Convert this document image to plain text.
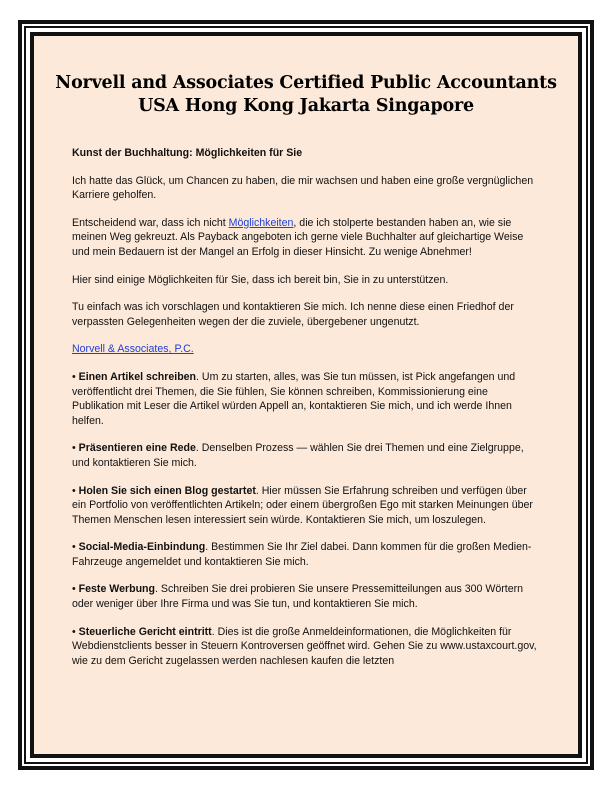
Norvell and Associates Certified Public Accountants
USA Hong Kong Jakarta Singapore

Kunst der Buchhaltung: Möglichkeiten für Sie

Ich hatte das Glück, um Chancen zu haben, die mir wachsen und haben eine große vergnüglichen Karriere geholfen.

Entscheidend war, dass ich nicht Möglichkeiten, die ich stolperte bestanden haben an, wie sie meinen Weg gekreuzt. Als Payback angeboten ich gerne viele Buchhalter auf gleichartige Weise und mein Bedauern ist der Mangel an Erfolg in dieser Hinsicht. Zu wenige Abnehmer!

Hier sind einige Möglichkeiten für Sie, dass ich bereit bin, Sie in zu unterstützen.

Tu einfach was ich vorschlagen und kontaktieren Sie mich. Ich nenne diese einen Friedhof der verpassten Gelegenheiten wegen der die zuviele, übergebener ungenutzt.

Norvell & Associates, P.C.

• Einen Artikel schreiben. Um zu starten, alles, was Sie tun müssen, ist Pick angefangen und veröffentlicht drei Themen, die Sie fühlen, Sie können schreiben, Kommissionierung eine Publikation mit Leser die Artikel würden Appell an, kontaktieren Sie mich, und ich werde Ihnen helfen.

• Präsentieren eine Rede. Denselben Prozess — wählen Sie drei Themen und eine Zielgruppe, und kontaktieren Sie mich.

• Holen Sie sich einen Blog gestartet. Hier müssen Sie Erfahrung schreiben und verfügen über ein Portfolio von veröffentlichten Artikeln; oder einem übergroßen Ego mit starken Meinungen über Themen Menschen lesen interessiert sein würde. Kontaktieren Sie mich, um loszulegen.

• Social-Media-Einbindung. Bestimmen Sie Ihr Ziel dabei. Dann kommen für die großen Medien-Fahrzeuge angemeldet und kontaktieren Sie mich.

• Feste Werbung. Schreiben Sie drei probieren Sie unsere Pressemitteilungen aus 300 Wörtern oder weniger über Ihre Firma und was Sie tun, und kontaktieren Sie mich.

• Steuerliche Gericht eintritt. Dies ist die große Anmeldeinformationen, die Möglichkeiten für Webdienstclients besser in Steuern Kontroversen geöffnet wird. Gehen Sie zu www.ustaxcourt.gov, wie zu dem Gericht zugelassen werden nachlesen kaufen die letzten
